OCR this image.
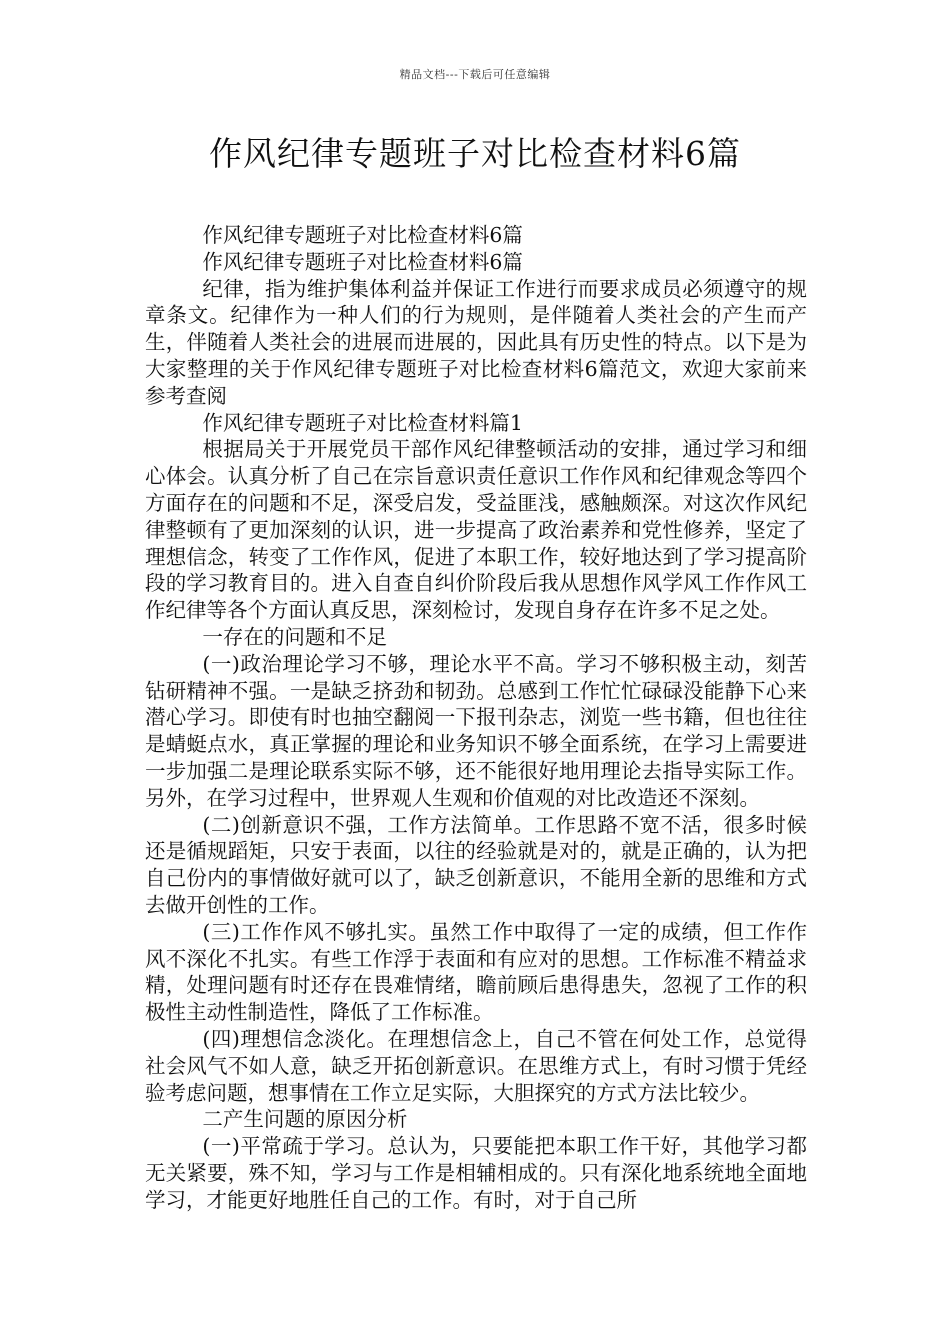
精品文档---下载后可任意编辑
作风纪律专题班子对比检查材料6篇

作风纪律专题班子对比检查材料6篇

作风纪律专题班子对比检查材料6篇

纪律，指为维护集体利益并保证工作进行而要求成员必须遵守的规章条文。纪律作为一种人们的行为规则，是伴随着人类社会的产生而产生，伴随着人类社会的进展而进展的，因此具有历史性的特点。以下是为大家整理的关于作风纪律专题班子对比检查材料6篇范文，欢迎大家前来参考查阅

作风纪律专题班子对比检查材料篇1

根据局关于开展党员干部作风纪律整顿活动的安排，通过学习和细心体会。认真分析了自己在宗旨意识责任意识工作作风和纪律观念等四个方面存在的问题和不足，深受启发，受益匪浅，感触颇深。对这次作风纪律整顿有了更加深刻的认识，进一步提高了政治素养和党性修养，坚定了理想信念，转变了工作作风，促进了本职工作，较好地达到了学习提高阶段的学习教育目的。进入自查自纠价阶段后我从思想作风学风工作作风工作纪律等各个方面认真反思，深刻检讨，发现自身存在许多不足之处。

一存在的问题和不足

(一)政治理论学习不够，理论水平不高。学习不够积极主动，刻苦钻研精神不强。一是缺乏挤劲和韧劲。总感到工作忙忙碌碌没能静下心来潜心学习。即使有时也抽空翻阅一下报刊杂志，浏览一些书籍，但也往往是蜻蜓点水，真正掌握的理论和业务知识不够全面系统，在学习上需要进一步加强二是理论联系实际不够，还不能很好地用理论去指导实际工作。另外，在学习过程中，世界观人生观和价值观的对比改造还不深刻。

(二)创新意识不强，工作方法简单。工作思路不宽不活，很多时候还是循规蹈矩，只安于表面，以往的经验就是对的，就是正确的，认为把自己份内的事情做好就可以了，缺乏创新意识，不能用全新的思维和方式去做开创性的工作。

(三)工作作风不够扎实。虽然工作中取得了一定的成绩，但工作作风不深化不扎实。有些工作浮于表面和有应对的思想。工作标准不精益求精，处理问题有时还存在畏难情绪，瞻前顾后患得患失，忽视了工作的积极性主动性制造性，降低了工作标准。

(四)理想信念淡化。在理想信念上，自己不管在何处工作，总觉得社会风气不如人意，缺乏开拓创新意识。在思维方式上，有时习惯于凭经验考虑问题，想事情在工作立足实际，大胆探究的方式方法比较少。

二产生问题的原因分析

(一)平常疏于学习。总认为，只要能把本职工作干好，其他学习都无关紧要，殊不知，学习与工作是相辅相成的。只有深化地系统地全面地学习，才能更好地胜任自己的工作。有时，对于自己所
